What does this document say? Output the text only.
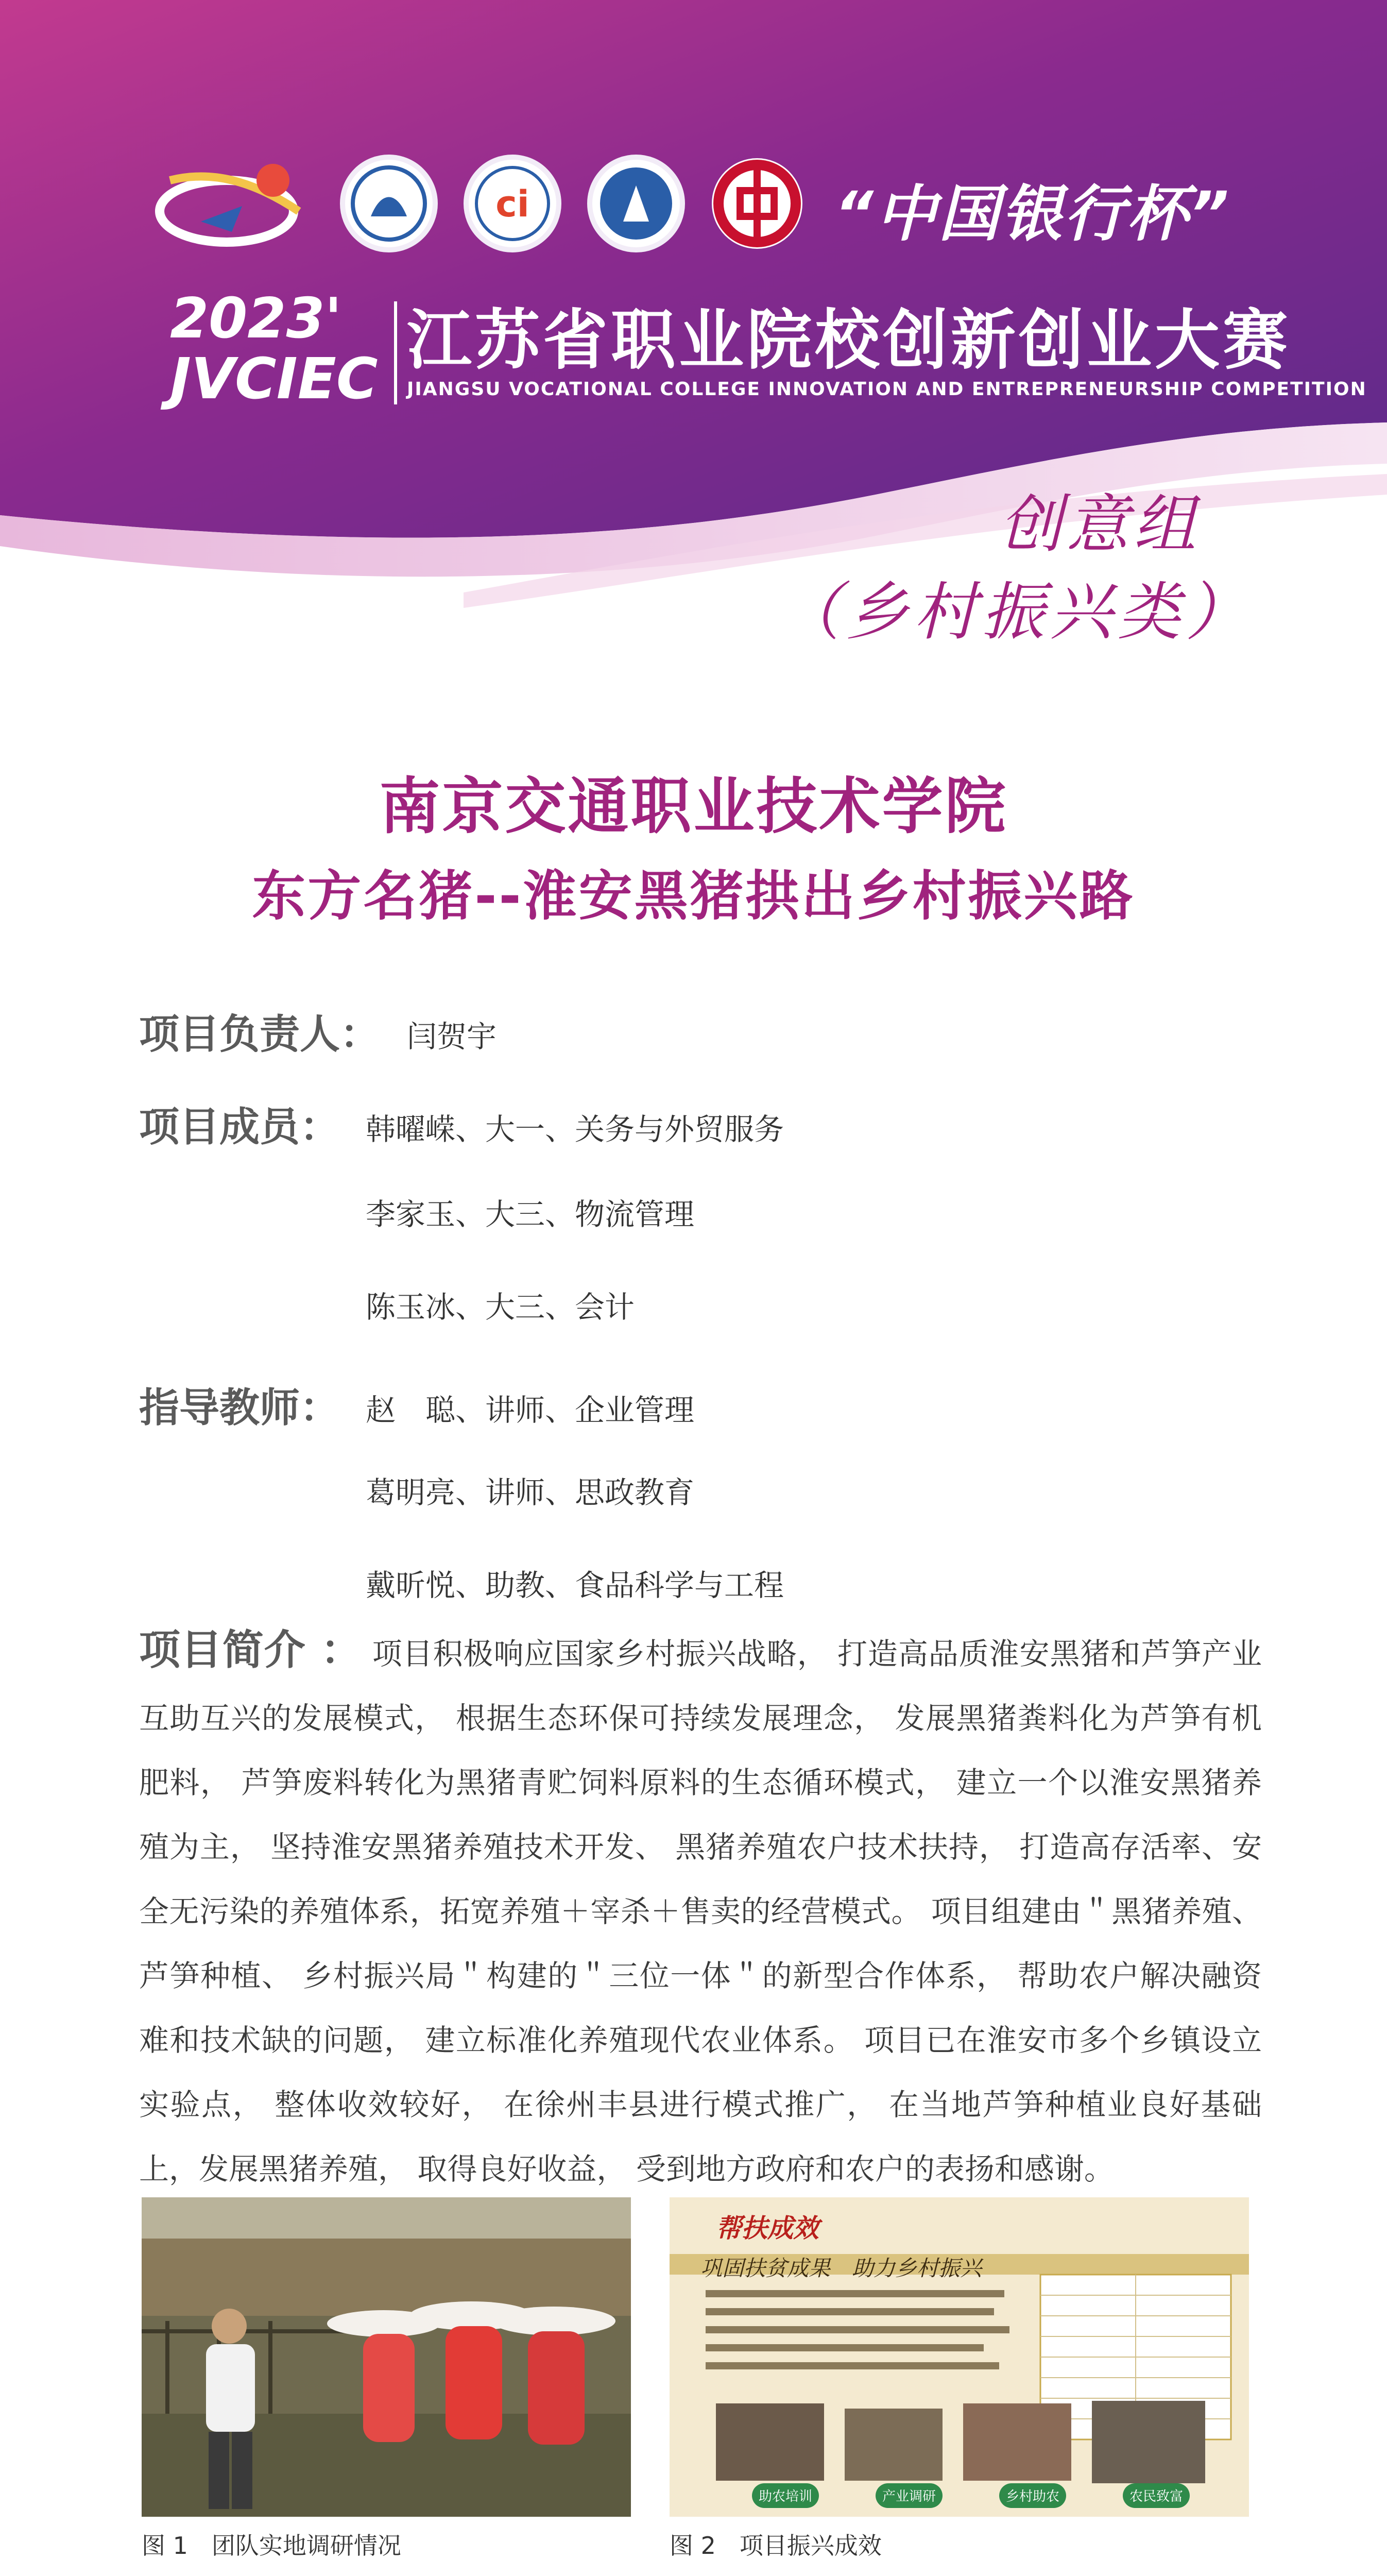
ci	“中国银行杯”
2023'
JVCIEC
江苏省职业院校创新创业大赛
JIANGSU VOCATIONAL COLLEGE INNOVATION AND ENTREPRENEURSHIP COMPETITION
创意组
（乡村振兴类）
南京交通职业技术学院
东方名猪--淮安黑猪拱出乡村振兴路
项目负责人： 闫贺宇
项目成员： 韩曜嵘、大一、关务与外贸服务
李家玉、大三、物流管理
陈玉冰、大三、会计
指导教师： 赵　聪、讲师、企业管理
葛明亮、讲师、思政教育
戴昕悦、助教、食品科学与工程
项目简介 ： 项目积极响应国家乡村振兴战略， 打造高品质淮安黑猪和芦笋产业互助互兴的发展模式， 根据生态环保可持续发展理念， 发展黑猪粪料化为芦笋有机肥料， 芦笋废料转化为黑猪青贮饲料原料的生态循环模式， 建立一个以淮安黑猪养殖为主， 坚持淮安黑猪养殖技术开发、 黑猪养殖农户技术扶持， 打造高存活率、安全无污染的养殖体系，拓宽养殖＋宰杀＋售卖的经营模式。 项目组建由＂黑猪养殖、芦笋种植、 乡村振兴局＂构建的＂三位一体＂的新型合作体系， 帮助农户解决融资难和技术缺的问题， 建立标准化养殖现代农业体系。 项目已在淮安市多个乡镇设立实验点， 整体收效较好， 在徐州丰县进行模式推广， 在当地芦笋种植业良好基础上，发展黑猪养殖， 取得良好收益， 受到地方政府和农户的表扬和感谢。
图 1　团队实地调研情况
帮扶成效
巩固扶贫成果　助力乡村振兴
助农培训	产业调研	乡村助农	农民致富
图 2　项目振兴成效
